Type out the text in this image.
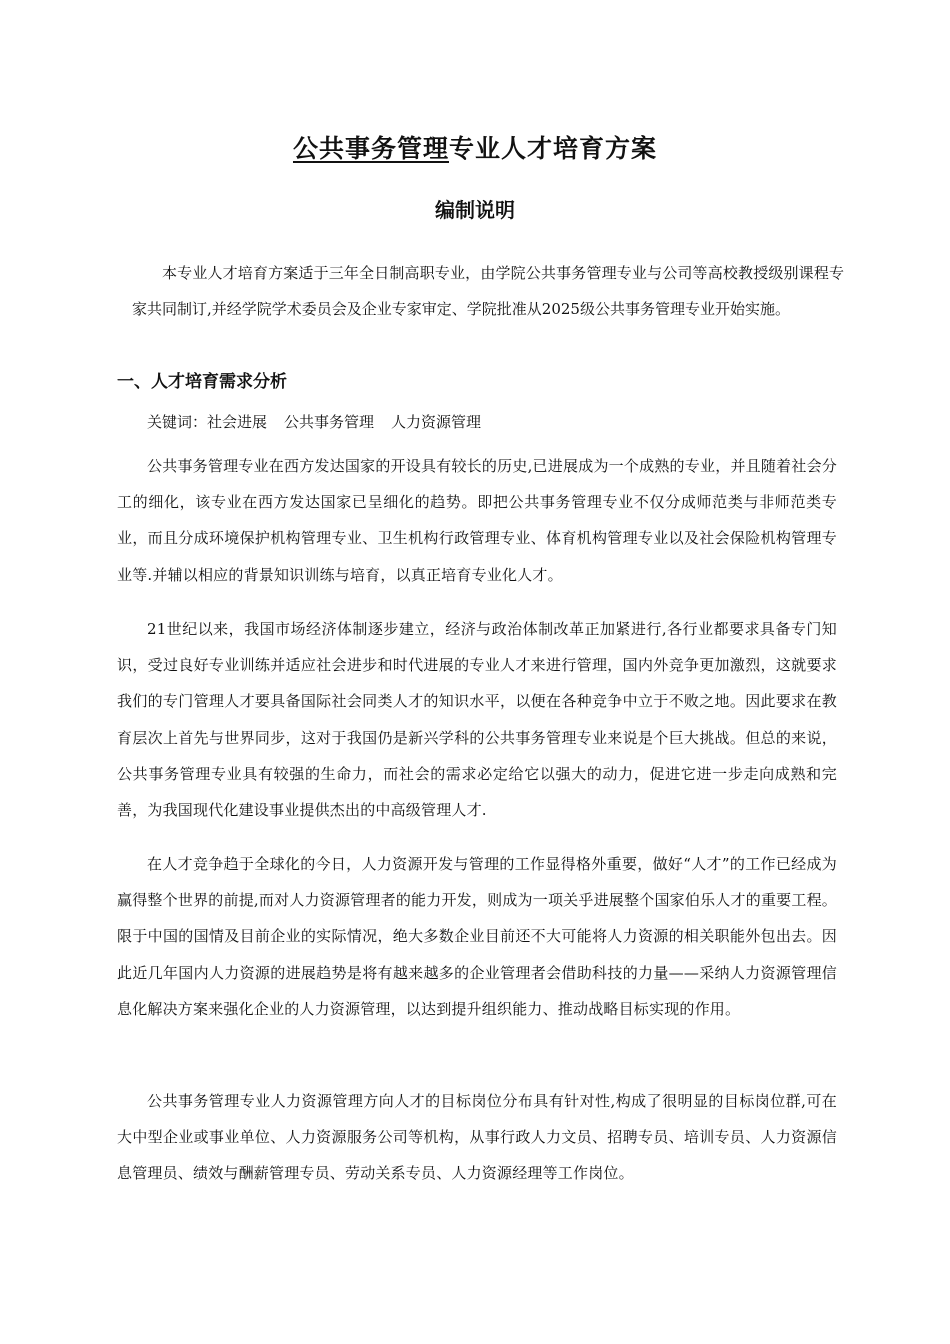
公共事务管理专业人才培育方案
编制说明

本专业人才培育方案适于三年全日制高职专业，由学院公共事务管理专业与公司等高校教授级别课程专家共同制订,并经学院学术委员会及企业专家审定、学院批准从2025级公共事务管理专业开始实施。

一、人才培育需求分析

关键词：社会进展 公共事务管理 人力资源管理

公共事务管理专业在西方发达国家的开设具有较长的历史,已进展成为一个成熟的专业，并且随着社会分工的细化，该专业在西方发达国家已呈细化的趋势。即把公共事务管理专业不仅分成师范类与非师范类专业，而且分成环境保护机构管理专业、卫生机构行政管理专业、体育机构管理专业以及社会保险机构管理专业等.并辅以相应的背景知识训练与培育，以真正培育专业化人才。

21世纪以来，我国市场经济体制逐步建立，经济与政治体制改革正加紧进行,各行业都要求具备专门知识，受过良好专业训练并适应社会进步和时代进展的专业人才来进行管理，国内外竞争更加激烈，这就要求我们的专门管理人才要具备国际社会同类人才的知识水平，以便在各种竞争中立于不败之地。因此要求在教育层次上首先与世界同步，这对于我国仍是新兴学科的公共事务管理专业来说是个巨大挑战。但总的来说，公共事务管理专业具有较强的生命力，而社会的需求必定给它以强大的动力，促进它进一步走向成熟和完善，为我国现代化建设事业提供杰出的中高级管理人才.

在人才竞争趋于全球化的今日，人力资源开发与管理的工作显得格外重要，做好“人才”的工作已经成为赢得整个世界的前提,而对人力资源管理者的能力开发，则成为一项关乎进展整个国家伯乐人才的重要工程。限于中国的国情及目前企业的实际情况，绝大多数企业目前还不大可能将人力资源的相关职能外包出去。因此近几年国内人力资源的进展趋势是将有越来越多的企业管理者会借助科技的力量——采纳人力资源管理信息化解决方案来强化企业的人力资源管理，以达到提升组织能力、推动战略目标实现的作用。

公共事务管理专业人力资源管理方向人才的目标岗位分布具有针对性,构成了很明显的目标岗位群,可在大中型企业或事业单位、人力资源服务公司等机构，从事行政人力文员、招聘专员、培训专员、人力资源信息管理员、绩效与酬薪管理专员、劳动关系专员、人力资源经理等工作岗位。
